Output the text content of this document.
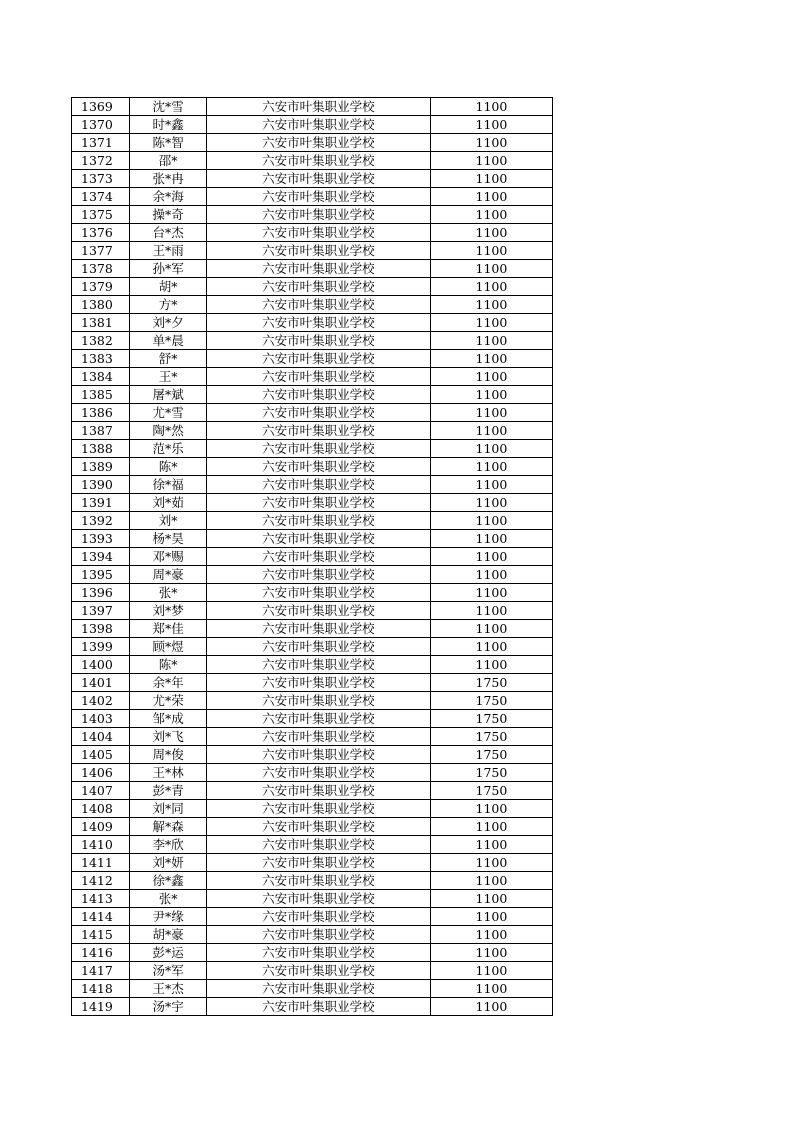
1369	沈*雪	六安市叶集职业学校	1100
1370	时*鑫	六安市叶集职业学校	1100
1371	陈*智	六安市叶集职业学校	1100
1372	邵*	六安市叶集职业学校	1100
1373	张*冉	六安市叶集职业学校	1100
1374	余*海	六安市叶集职业学校	1100
1375	操*奇	六安市叶集职业学校	1100
1376	台*杰	六安市叶集职业学校	1100
1377	王*雨	六安市叶集职业学校	1100
1378	孙*军	六安市叶集职业学校	1100
1379	胡*	六安市叶集职业学校	1100
1380	方*	六安市叶集职业学校	1100
1381	刘*夕	六安市叶集职业学校	1100
1382	单*晨	六安市叶集职业学校	1100
1383	舒*	六安市叶集职业学校	1100
1384	王*	六安市叶集职业学校	1100
1385	屠*斌	六安市叶集职业学校	1100
1386	尤*雪	六安市叶集职业学校	1100
1387	陶*然	六安市叶集职业学校	1100
1388	范*乐	六安市叶集职业学校	1100
1389	陈*	六安市叶集职业学校	1100
1390	徐*福	六安市叶集职业学校	1100
1391	刘*茹	六安市叶集职业学校	1100
1392	刘*	六安市叶集职业学校	1100
1393	杨*昊	六安市叶集职业学校	1100
1394	邓*赐	六安市叶集职业学校	1100
1395	周*豪	六安市叶集职业学校	1100
1396	张*	六安市叶集职业学校	1100
1397	刘*梦	六安市叶集职业学校	1100
1398	郑*佳	六安市叶集职业学校	1100
1399	顾*煜	六安市叶集职业学校	1100
1400	陈*	六安市叶集职业学校	1100
1401	余*年	六安市叶集职业学校	1750
1402	尤*荣	六安市叶集职业学校	1750
1403	邹*成	六安市叶集职业学校	1750
1404	刘*飞	六安市叶集职业学校	1750
1405	周*俊	六安市叶集职业学校	1750
1406	王*林	六安市叶集职业学校	1750
1407	彭*青	六安市叶集职业学校	1750
1408	刘*同	六安市叶集职业学校	1100
1409	解*森	六安市叶集职业学校	1100
1410	李*欣	六安市叶集职业学校	1100
1411	刘*妍	六安市叶集职业学校	1100
1412	徐*鑫	六安市叶集职业学校	1100
1413	张*	六安市叶集职业学校	1100
1414	尹*缘	六安市叶集职业学校	1100
1415	胡*豪	六安市叶集职业学校	1100
1416	彭*运	六安市叶集职业学校	1100
1417	汤*军	六安市叶集职业学校	1100
1418	王*杰	六安市叶集职业学校	1100
1419	汤*宇	六安市叶集职业学校	1100
